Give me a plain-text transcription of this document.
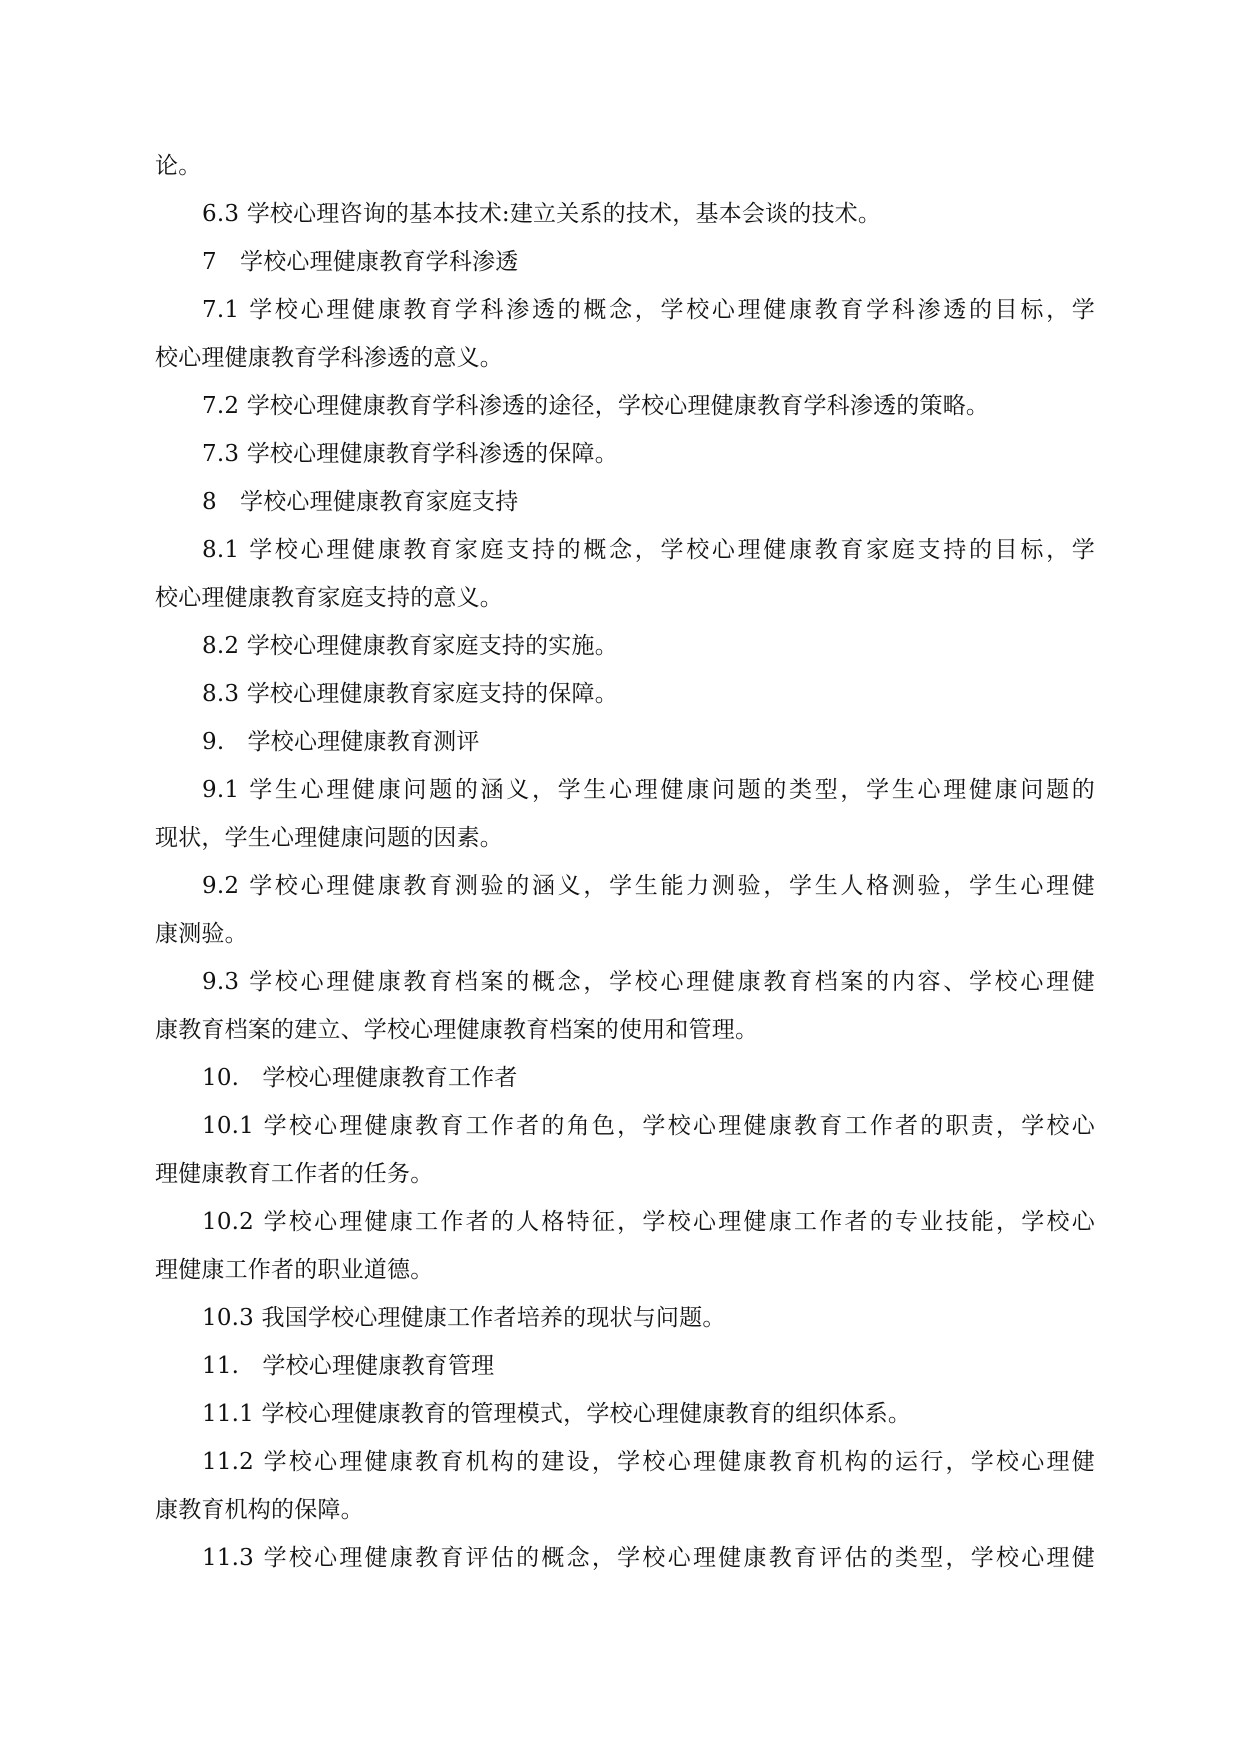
论。
6.3 学校心理咨询的基本技术:建立关系的技术，基本会谈的技术。
7　学校心理健康教育学科渗透
7.1 学校心理健康教育学科渗透的概念，学校心理健康教育学科渗透的目标，学
校心理健康教育学科渗透的意义。
7.2 学校心理健康教育学科渗透的途径，学校心理健康教育学科渗透的策略。
7.3 学校心理健康教育学科渗透的保障。
8　学校心理健康教育家庭支持
8.1 学校心理健康教育家庭支持的概念，学校心理健康教育家庭支持的目标，学
校心理健康教育家庭支持的意义。
8.2 学校心理健康教育家庭支持的实施。
8.3 学校心理健康教育家庭支持的保障。
9.　学校心理健康教育测评
9.1 学生心理健康问题的涵义，学生心理健康问题的类型，学生心理健康问题的
现状，学生心理健康问题的因素。
9.2 学校心理健康教育测验的涵义，学生能力测验，学生人格测验，学生心理健
康测验。
9.3 学校心理健康教育档案的概念，学校心理健康教育档案的内容、学校心理健
康教育档案的建立、学校心理健康教育档案的使用和管理。
10.　学校心理健康教育工作者
10.1 学校心理健康教育工作者的角色，学校心理健康教育工作者的职责，学校心
理健康教育工作者的任务。
10.2 学校心理健康工作者的人格特征，学校心理健康工作者的专业技能，学校心
理健康工作者的职业道德。
10.3 我国学校心理健康工作者培养的现状与问题。
11.　学校心理健康教育管理
11.1 学校心理健康教育的管理模式，学校心理健康教育的组织体系。
11.2 学校心理健康教育机构的建设，学校心理健康教育机构的运行，学校心理健
康教育机构的保障。
11.3 学校心理健康教育评估的概念，学校心理健康教育评估的类型，学校心理健
